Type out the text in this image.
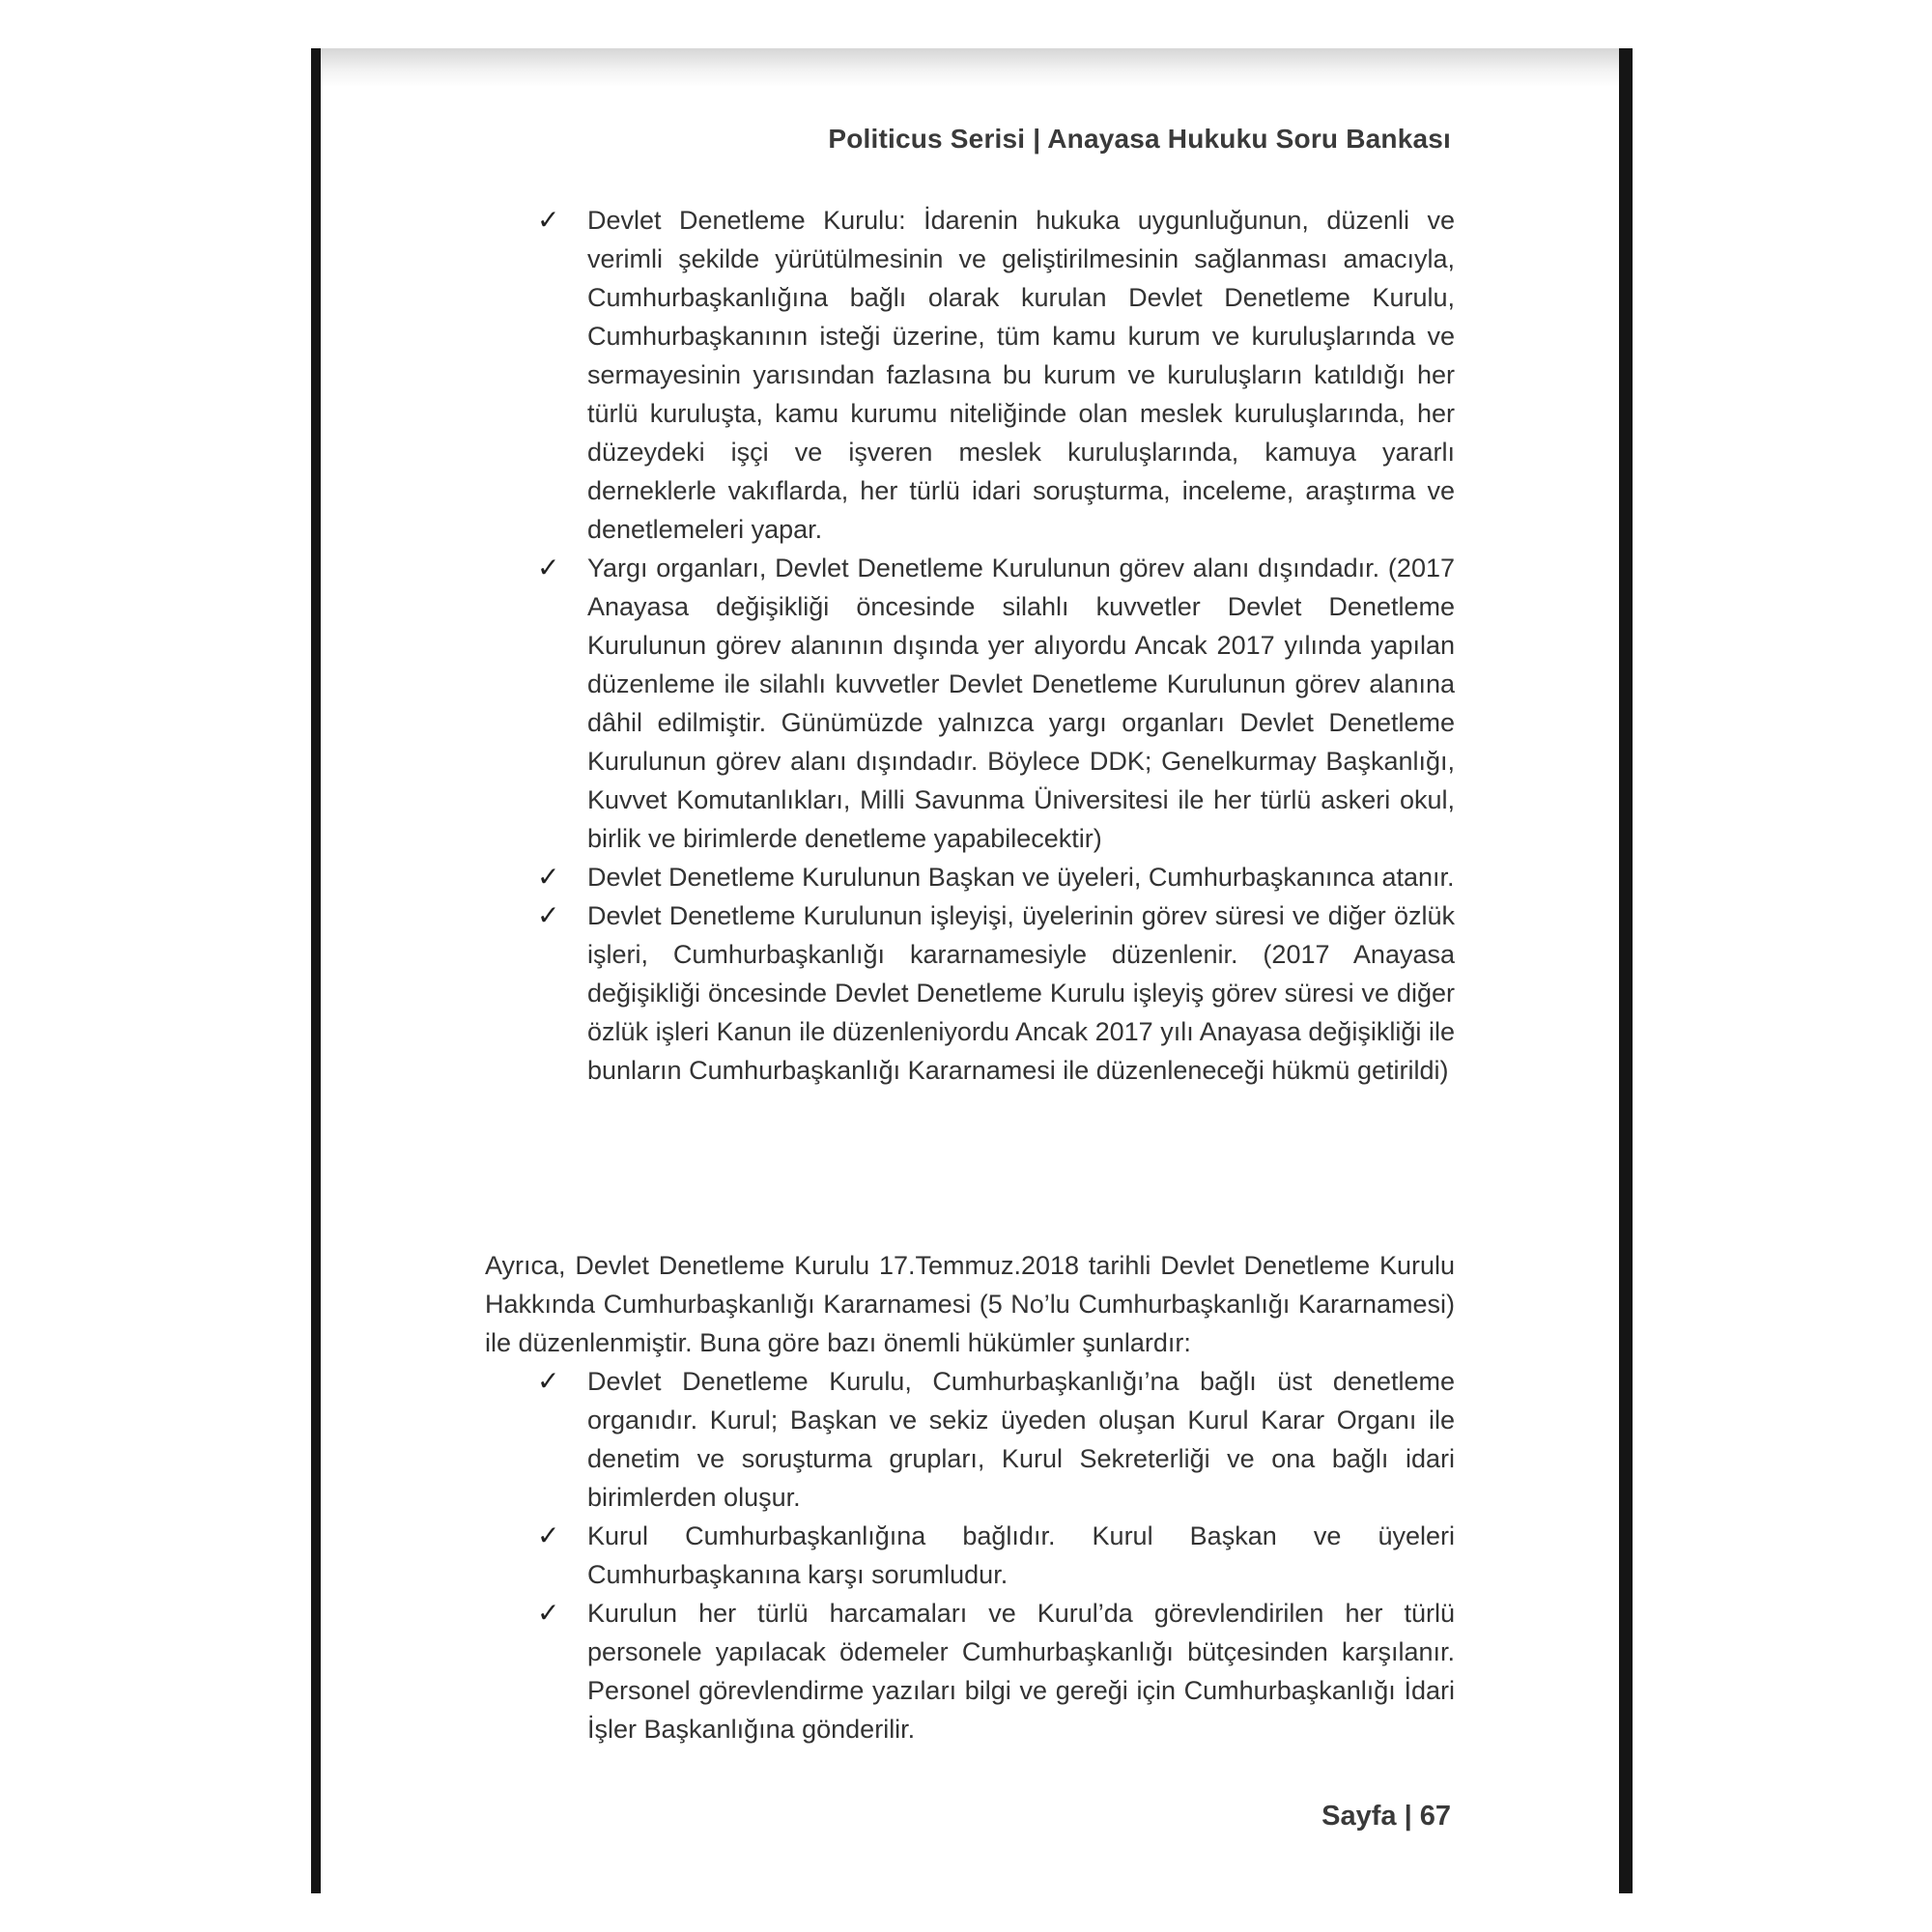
Politicus Serisi | Anayasa Hukuku Soru Bankası
✓ Devlet Denetleme Kurulu: İdarenin hukuka uygunluğunun, düzenli ve verimli şekilde yürütülmesinin ve geliştirilmesinin sağlanması amacıyla, Cumhurbaşkanlığına bağlı olarak kurulan Devlet Denetleme Kurulu, Cumhurbaşkanının isteği üzerine, tüm kamu kurum ve kuruluşlarında ve sermayesinin yarısından fazlasına bu kurum ve kuruluşların katıldığı her türlü kuruluşta, kamu kurumu niteliğinde olan meslek kuruluşlarında, her düzeydeki işçi ve işveren meslek kuruluşlarında, kamuya yararlı derneklerle vakıflarda, her türlü idari soruşturma, inceleme, araştırma ve denetlemeleri yapar.
✓ Yargı organları, Devlet Denetleme Kurulunun görev alanı dışındadır. (2017 Anayasa değişikliği öncesinde silahlı kuvvetler Devlet Denetleme Kurulunun görev alanının dışında yer alıyordu Ancak 2017 yılında yapılan düzenleme ile silahlı kuvvetler Devlet Denetleme Kurulunun görev alanına dâhil edilmiştir. Günümüzde yalnızca yargı organları Devlet Denetleme Kurulunun görev alanı dışındadır. Böylece DDK; Genelkurmay Başkanlığı, Kuvvet Komutanlıkları, Milli Savunma Üniversitesi ile her türlü askeri okul, birlik ve birimlerde denetleme yapabilecektir)
✓ Devlet Denetleme Kurulunun Başkan ve üyeleri, Cumhurbaşkanınca atanır.
✓ Devlet Denetleme Kurulunun işleyişi, üyelerinin görev süresi ve diğer özlük işleri, Cumhurbaşkanlığı kararnamesiyle düzenlenir. (2017 Anayasa değişikliği öncesinde Devlet Denetleme Kurulu işleyiş görev süresi ve diğer özlük işleri Kanun ile düzenleniyordu Ancak 2017 yılı Anayasa değişikliği ile bunların Cumhurbaşkanlığı Kararnamesi ile düzenleneceği hükmü getirildi)

Ayrıca, Devlet Denetleme Kurulu 17.Temmuz.2018 tarihli Devlet Denetleme Kurulu Hakkında Cumhurbaşkanlığı Kararnamesi (5 No’lu Cumhurbaşkanlığı Kararnamesi) ile düzenlenmiştir. Buna göre bazı önemli hükümler şunlardır:

✓ Devlet Denetleme Kurulu, Cumhurbaşkanlığı’na bağlı üst denetleme organıdır. Kurul; Başkan ve sekiz üyeden oluşan Kurul Karar Organı ile denetim ve soruşturma grupları, Kurul Sekreterliği ve ona bağlı idari birimlerden oluşur.
✓ Kurul Cumhurbaşkanlığına bağlıdır. Kurul Başkan ve üyeleri Cumhurbaşkanına karşı sorumludur.
✓ Kurulun her türlü harcamaları ve Kurul’da görevlendirilen her türlü personele yapılacak ödemeler Cumhurbaşkanlığı bütçesinden karşılanır. Personel görevlendirme yazıları bilgi ve gereği için Cumhurbaşkanlığı İdari İşler Başkanlığına gönderilir.
Sayfa | 67
